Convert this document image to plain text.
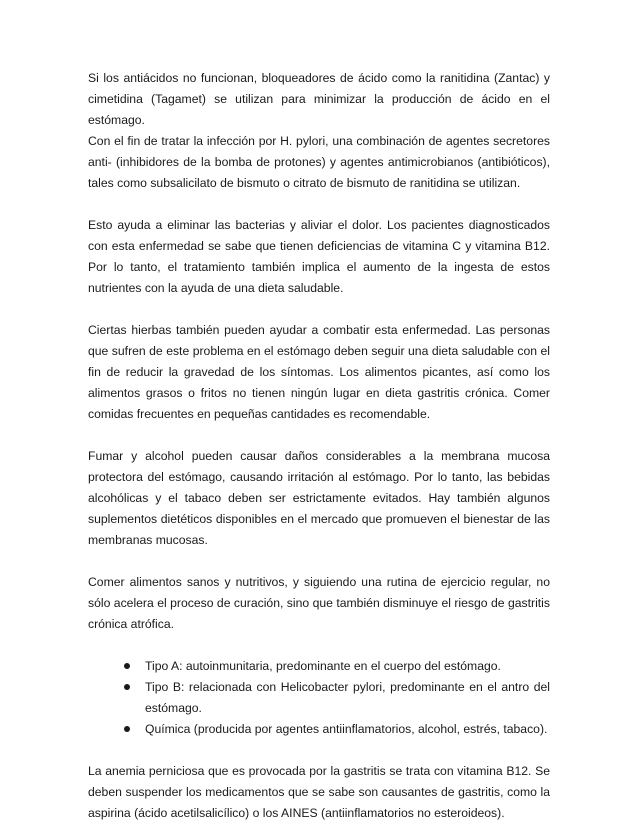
Si los antiácidos no funcionan, bloqueadores de ácido como la ranitidina (Zantac) y cimetidina (Tagamet) se utilizan para minimizar la producción de ácido en el estómago.

Con el fin de tratar la infección por H. pylori, una combinación de agentes secretores anti- (inhibidores de la bomba de protones) y agentes antimicrobianos (antibióticos), tales como subsalicilato de bismuto o citrato de bismuto de ranitidina se utilizan.

Esto ayuda a eliminar las bacterias y aliviar el dolor. Los pacientes diagnosticados con esta enfermedad se sabe que tienen deficiencias de vitamina C y vitamina B12. Por lo tanto, el tratamiento también implica el aumento de la ingesta de estos nutrientes con la ayuda de una dieta saludable.

Ciertas hierbas también pueden ayudar a combatir esta enfermedad. Las personas que sufren de este problema en el estómago deben seguir una dieta saludable con el fin de reducir la gravedad de los síntomas. Los alimentos picantes, así como los alimentos grasos o fritos no tienen ningún lugar en dieta gastritis crónica. Comer comidas frecuentes en pequeñas cantidades es recomendable.

Fumar y alcohol pueden causar daños considerables a la membrana mucosa protectora del estómago, causando irritación al estómago. Por lo tanto, las bebidas alcohólicas y el tabaco deben ser estrictamente evitados. Hay también algunos suplementos dietéticos disponibles en el mercado que promueven el bienestar de las membranas mucosas.

Comer alimentos sanos y nutritivos, y siguiendo una rutina de ejercicio regular, no sólo acelera el proceso de curación, sino que también disminuye el riesgo de gastritis crónica atrófica.

Tipo A: autoinmunitaria, predominante en el cuerpo del estómago.
Tipo B: relacionada con Helicobacter pylori, predominante en el antro del estómago.
Química (producida por agentes antiinflamatorios, alcohol, estrés, tabaco).

La anemia perniciosa que es provocada por la gastritis se trata con vitamina B12. Se deben suspender los medicamentos que se sabe son causantes de gastritis, como la aspirina (ácido acetilsalicílico) o los AINES (antiinflamatorios no esteroideos).
